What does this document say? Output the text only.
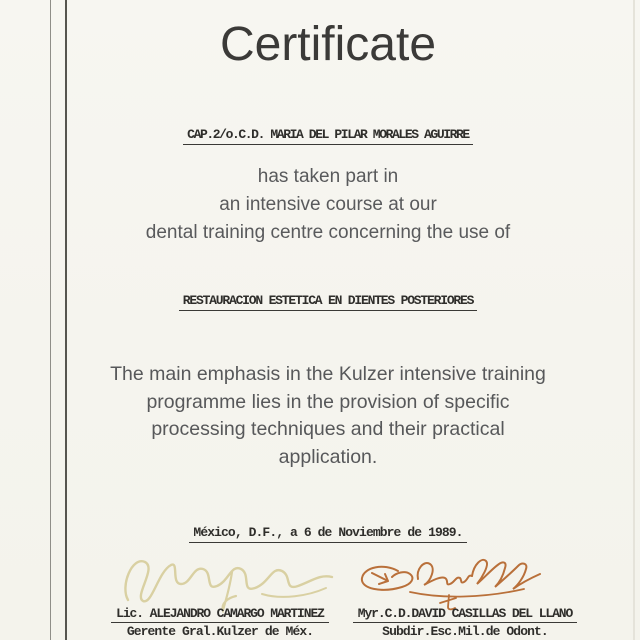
Certificate
CAP.2/o.C.D. MARIA DEL PILAR MORALES AGUIRRE
has taken part in
an intensive course at our
dental training centre concerning the use of
RESTAURACION ESTETICA EN DIENTES POSTERIORES
The main emphasis in the Kulzer intensive training
programme lies in the provision of specific
processing techniques and their practical
application.
México, D.F., a 6 de Noviembre de 1989.
Lic. ALEJANDRO CAMARGO MARTINEZ
Gerente Gral.Kulzer de Méx.
Myr.C.D.DAVID CASILLAS DEL LLANO
Subdir.Esc.Mil.de Odont.
